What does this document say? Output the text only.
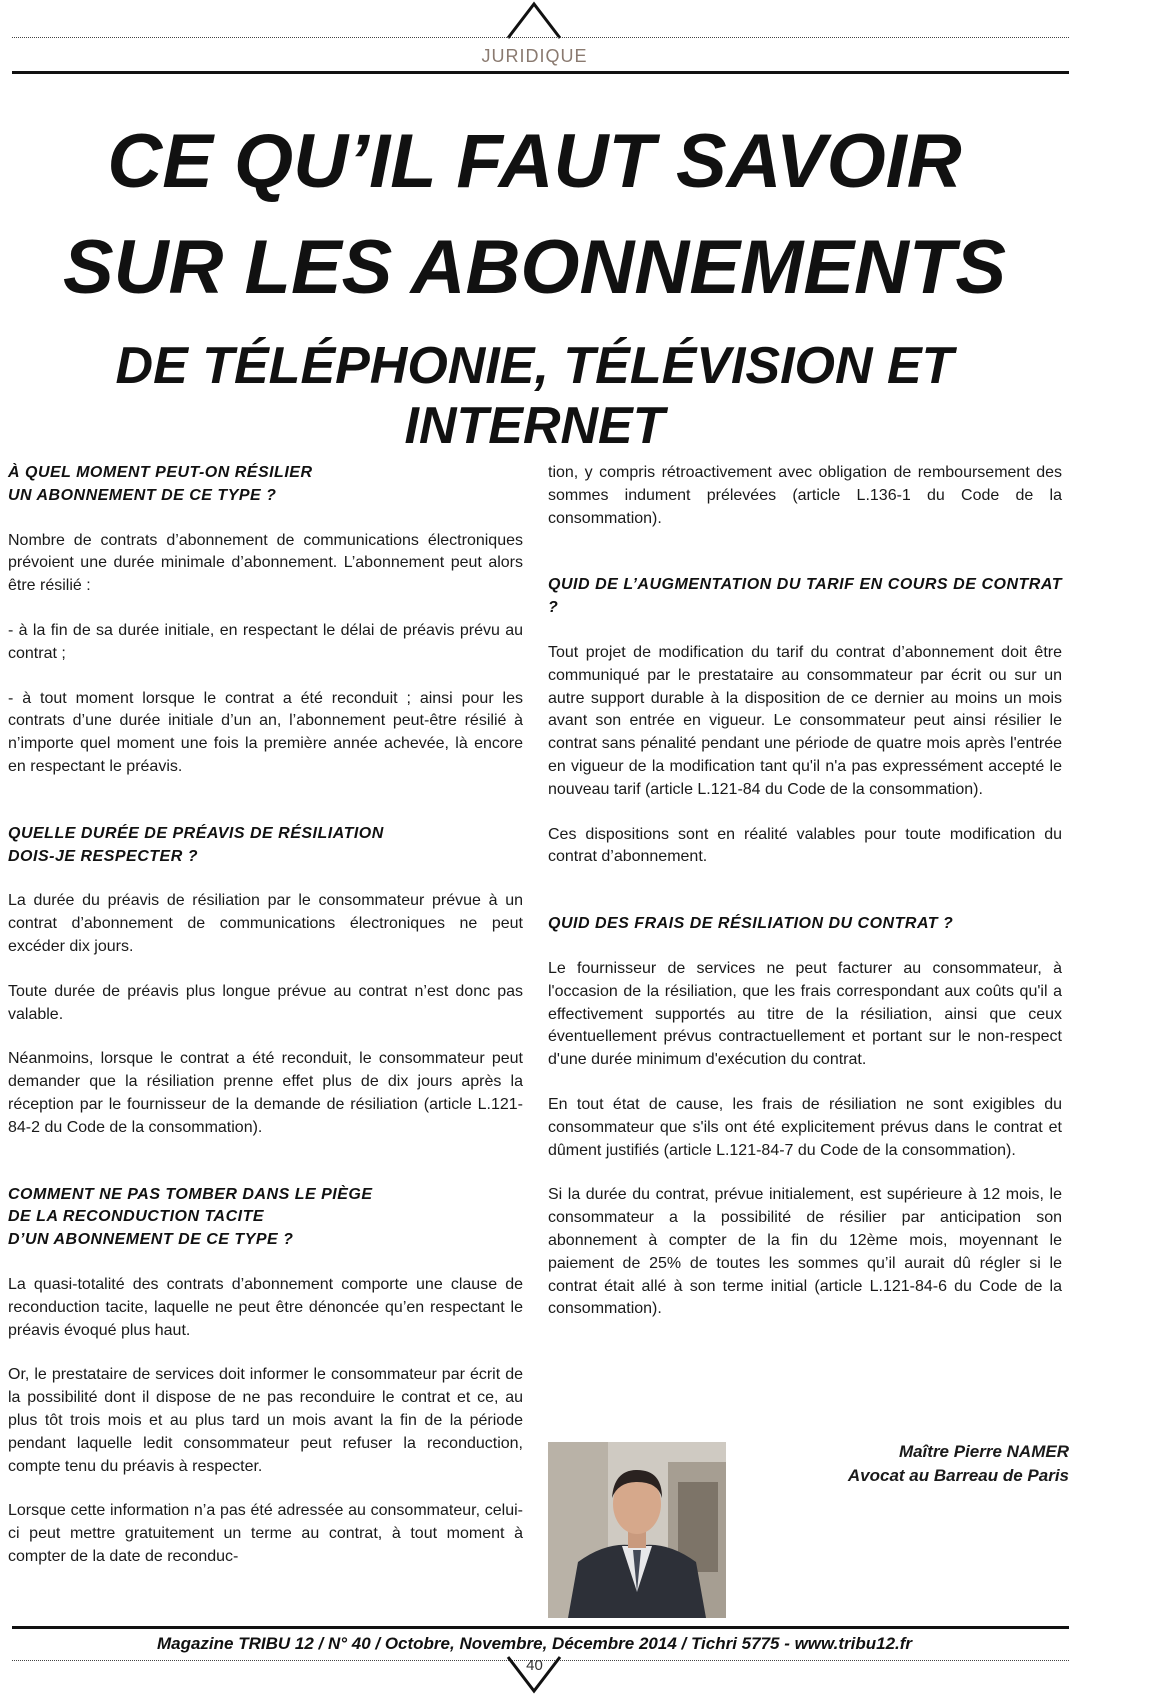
JURIDIQUE
CE QU’IL FAUT SAVOIR
SUR LES ABONNEMENTS
DE TÉLÉPHONIE, TÉLÉVISION ET INTERNET
À QUEL MOMENT PEUT-ON RÉSILIER
UN ABONNEMENT DE CE TYPE ?

Nombre de contrats d’abonnement de communications électroniques prévoient une durée minimale d’abonnement. L’abonnement peut alors être résilié :

- à la fin de sa durée initiale, en respectant le délai de préavis prévu au contrat ;

- à tout moment lorsque le contrat a été reconduit ; ainsi pour les contrats d’une durée initiale d’un an, l’abonnement peut-être résilié à n’importe quel moment une fois la première année achevée, là encore en respectant le préavis.

QUELLE DURÉE DE PRÉAVIS DE RÉSILIATION
DOIS-JE RESPECTER ?

La durée du préavis de résiliation par le consommateur prévue à un contrat d’abonnement de communications électroniques ne peut excéder dix jours.

Toute durée de préavis plus longue prévue au contrat n’est donc pas valable.

Néanmoins, lorsque le contrat a été reconduit, le consommateur peut demander que la résiliation prenne effet plus de dix jours après la réception par le fournisseur de la demande de résiliation (article L.121-84-2 du Code de la consommation).

COMMENT NE PAS TOMBER DANS LE PIÈGE
DE LA RECONDUCTION TACITE
D’UN ABONNEMENT DE CE TYPE ?

La quasi-totalité des contrats d’abonnement comporte une clause de reconduction tacite, laquelle ne peut être dénoncée qu’en respectant le préavis évoqué plus haut.

Or, le prestataire de services doit informer le consommateur par écrit de la possibilité dont il dispose de ne pas reconduire le contrat et ce, au plus tôt trois mois et au plus tard un mois avant la fin de la période pendant laquelle ledit consommateur peut refuser la reconduction, compte tenu du préavis à respecter.

Lorsque cette information n’a pas été adressée au consommateur, celui-ci peut mettre gratuitement un terme au contrat, à tout moment à compter de la date de reconduc-

tion, y compris rétroactivement avec obligation de remboursement des sommes indument prélevées (article L.136-1 du Code de la consommation).

QUID DE L’AUGMENTATION DU TARIF EN COURS DE CONTRAT ?

Tout projet de modification du tarif du contrat d’abonnement doit être communiqué par le prestataire au consommateur par écrit ou sur un autre support durable à la disposition de ce dernier au moins un mois avant son entrée en vigueur. Le consommateur peut ainsi résilier le contrat sans pénalité pendant une période de quatre mois après l'entrée en vigueur de la modification tant qu'il n'a pas expressément accepté le nouveau tarif (article L.121-84 du Code de la consommation).

Ces dispositions sont en réalité valables pour toute modification du contrat d’abonnement.

QUID DES FRAIS DE RÉSILIATION DU CONTRAT ?

Le fournisseur de services ne peut facturer au consommateur, à l'occasion de la résiliation, que les frais correspondant aux coûts qu'il a effectivement supportés au titre de la résiliation, ainsi que ceux éventuellement prévus contractuellement et portant sur le non-respect d'une durée minimum d'exécution du contrat.

En tout état de cause, les frais de résiliation ne sont exigibles du consommateur que s'ils ont été explicitement prévus dans le contrat et dûment justifiés (article L.121-84-7 du Code de la consommation).

Si la durée du contrat, prévue initialement, est supérieure à 12 mois, le consommateur a la possibilité de résilier par anticipation son abonnement à compter de la fin du 12ème mois, moyennant le paiement de 25% de toutes les sommes qu’il aurait dû régler si le contrat était allé à son terme initial (article L.121-84-6 du Code de la consommation).

Maître Pierre NAMER
Avocat au Barreau de Paris
Magazine TRIBU 12 / N° 40 / Octobre, Novembre, Décembre 2014 / Tichri 5775 - www.tribu12.fr
40
